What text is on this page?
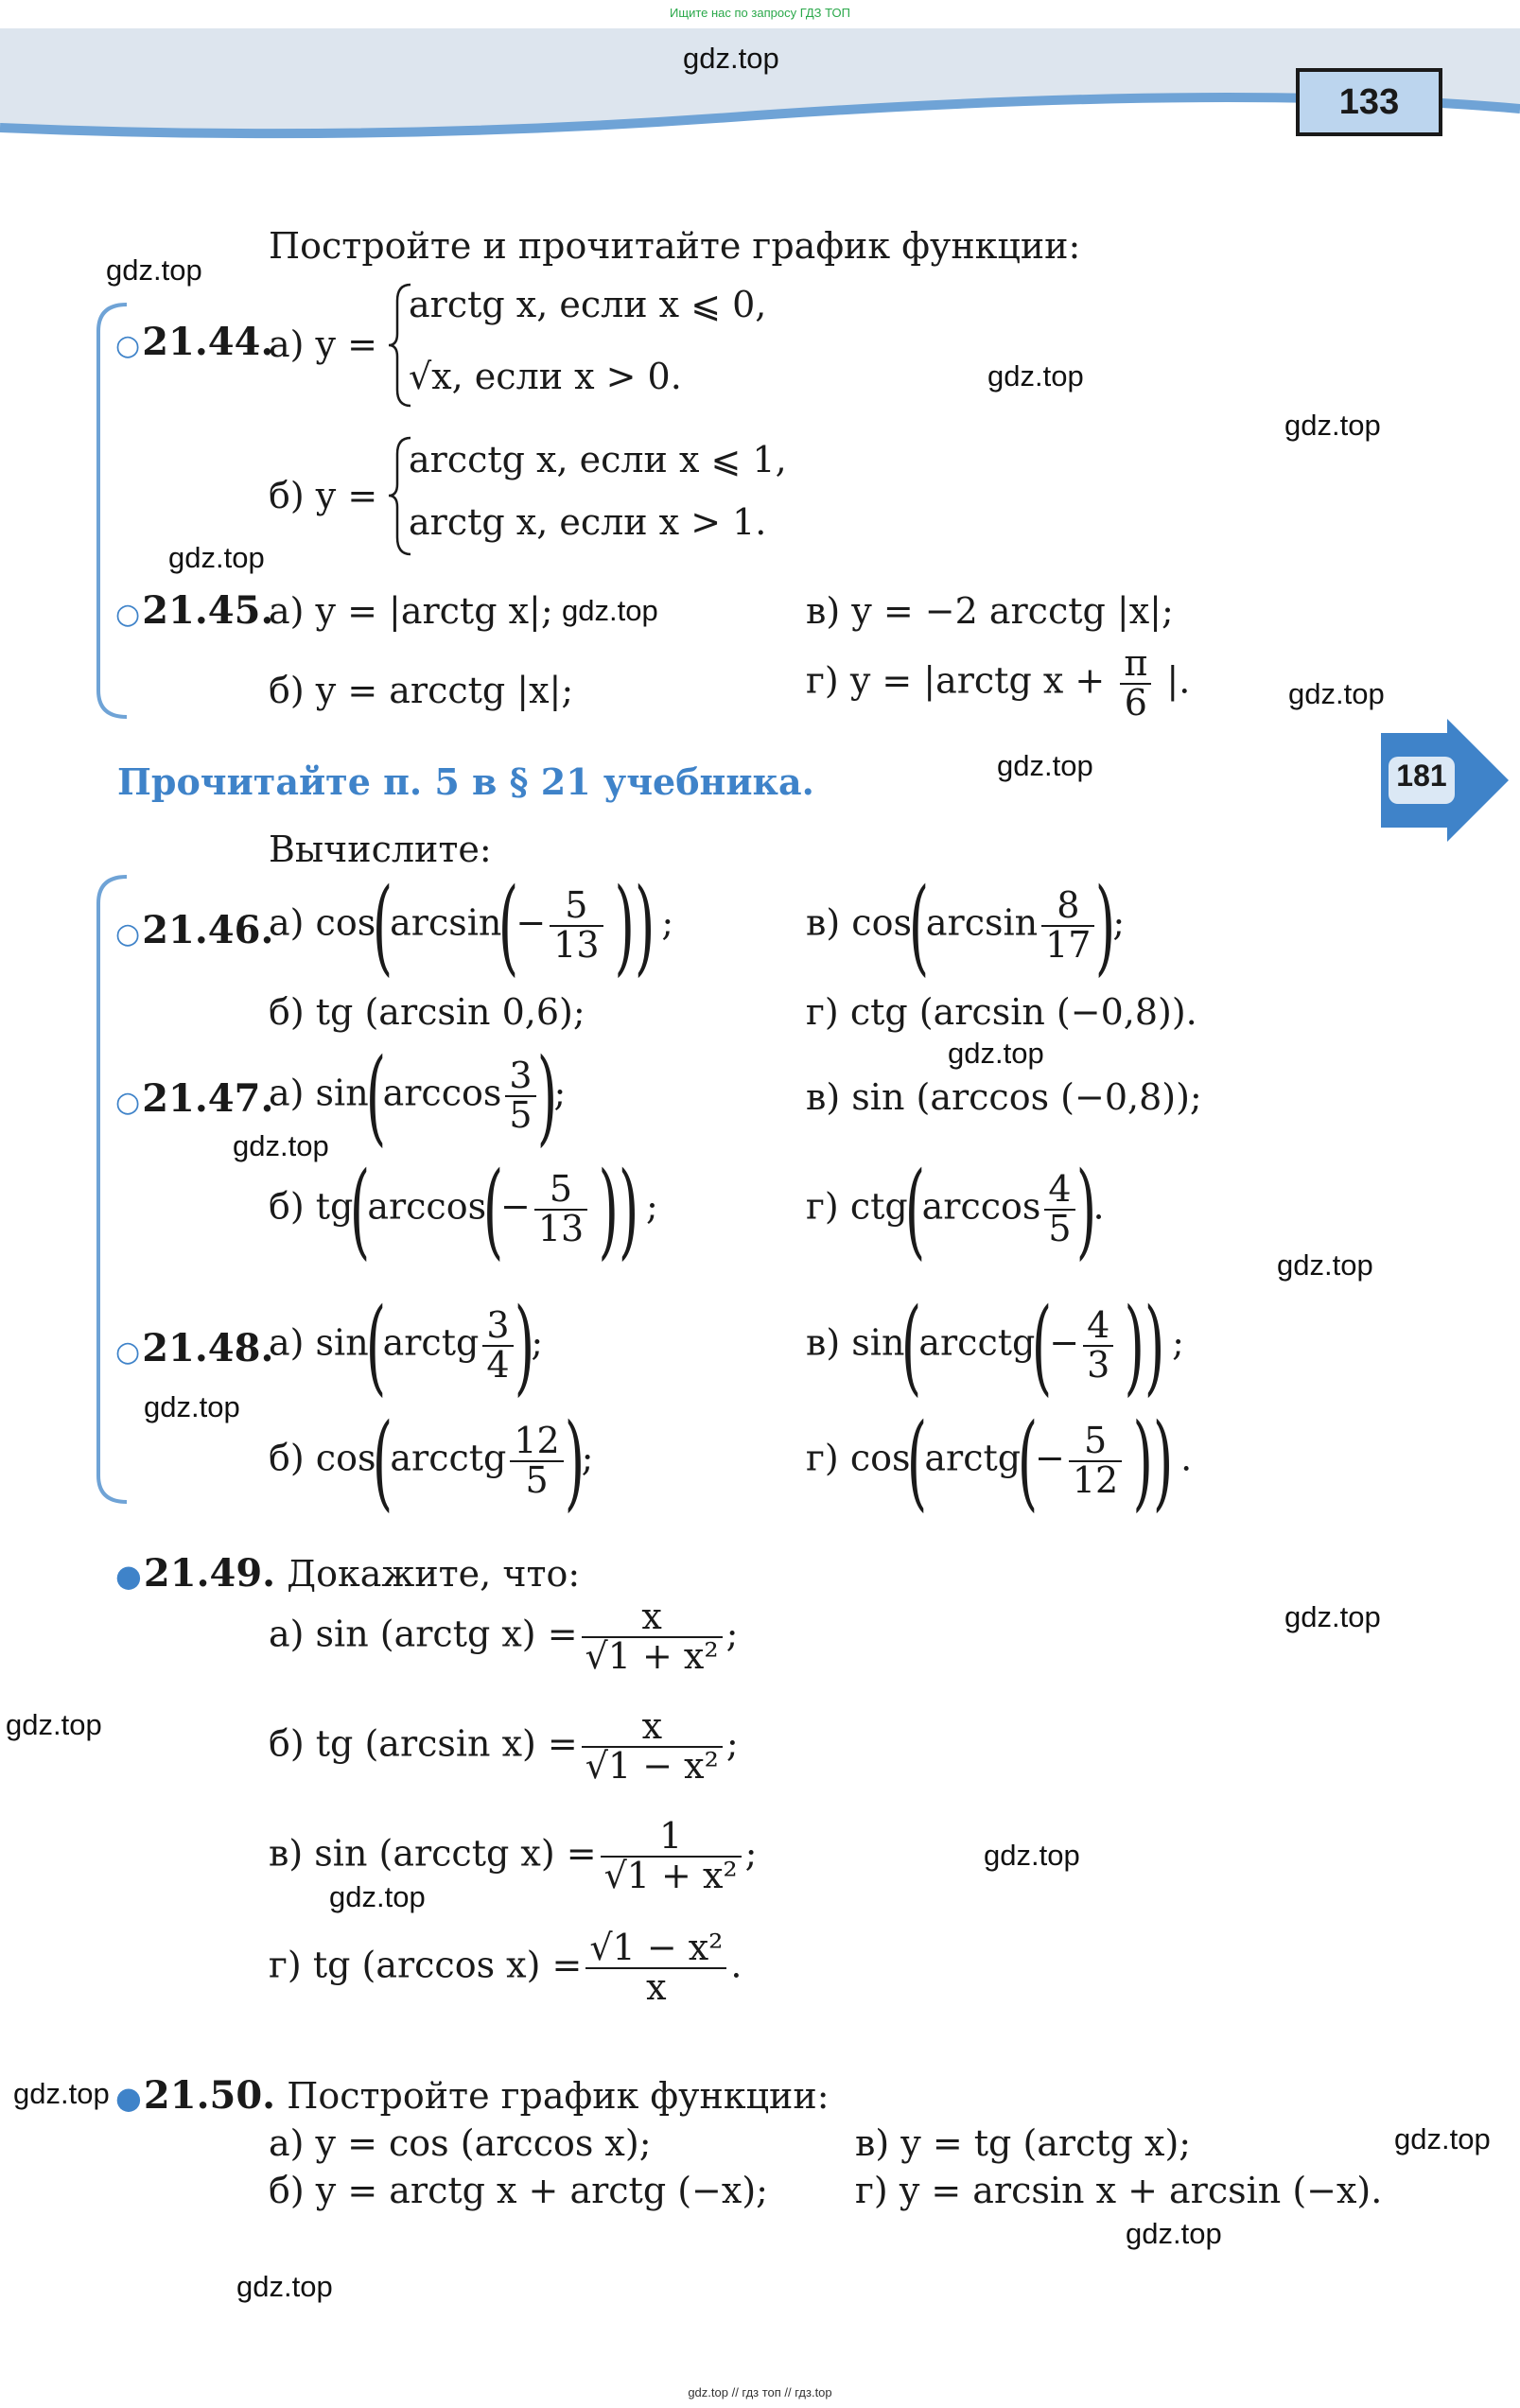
Ищите нас по запросу ГДЗ ТОП
133
181
Постройте и прочитайте график функции:
○21.44.
а) y =
arctg x, если x ⩽ 0,
√x, если x > 0.
б) y =
arcctg x, если x ⩽ 1,
arctg x, если x > 1.
○21.45.
а) y = |arctg x|;	в) y = −2 arcctg |x|;
б) y = arcctg |x|;	г) y = |arctg $x + \frac{\pi}{6}$ |.
Прочитайте п. 5 в § 21 учебника.
Вычислите:
○21.46.
а) $\cos(\arcsin(- \frac{5}{13}$ )) ;	в) $\cos(\arcsin \frac{8}{17}$ );
б) tg (arcsin 0,6);	г) ctg (arcsin (−0,8)).
○21.47.
а) $\sin(\arccos \frac{3}{5}$ );	в) sin (arccos (−0,8));
б) $tg(\arccos(- \frac{5}{13}$ )) ;	г) $ctg(\arccos \frac{4}{5}$ ).
○21.48.
а) sin(arctg $\frac{3}{4}$ );	в) sin(arcctg(− $\frac{4}{3}$ )) ;
б) cos(arcctg $\frac{12}{5}$ );	г) cos(arctg(− $\frac{5}{12}$ )) .
●21.49. Докажите, что:
а) sin (arctg $x) = \frac{x}{\text{√1 + x²}}$ ;
б) tg (arcsin $x) = \frac{x}{\text{√1 − x²}}$ ;
в) sin (arcctg $x) = \frac{1}{\text{√1 + x²}}$ ;
г) tg (arccos $x) = \frac{\text{√1 − x²}}{x}$ .
●21.50. Постройте график функции:
а) y = cos (arccos x);	в) y = tg (arctg x);
б) y = arctg x + arctg (−x); г) y = arcsin x + arcsin (−x).
gdz.top
gdz.top
gdz.top
gdz.top
gdz.top
gdz.top
gdz.top
gdz.top
gdz.top
gdz.top
gdz.top
gdz.top
gdz.top
gdz.top
gdz.top
gdz.top
gdz.top
gdz.top
gdz.top
gdz.top
gdz.top // гдз топ // гдз.top
